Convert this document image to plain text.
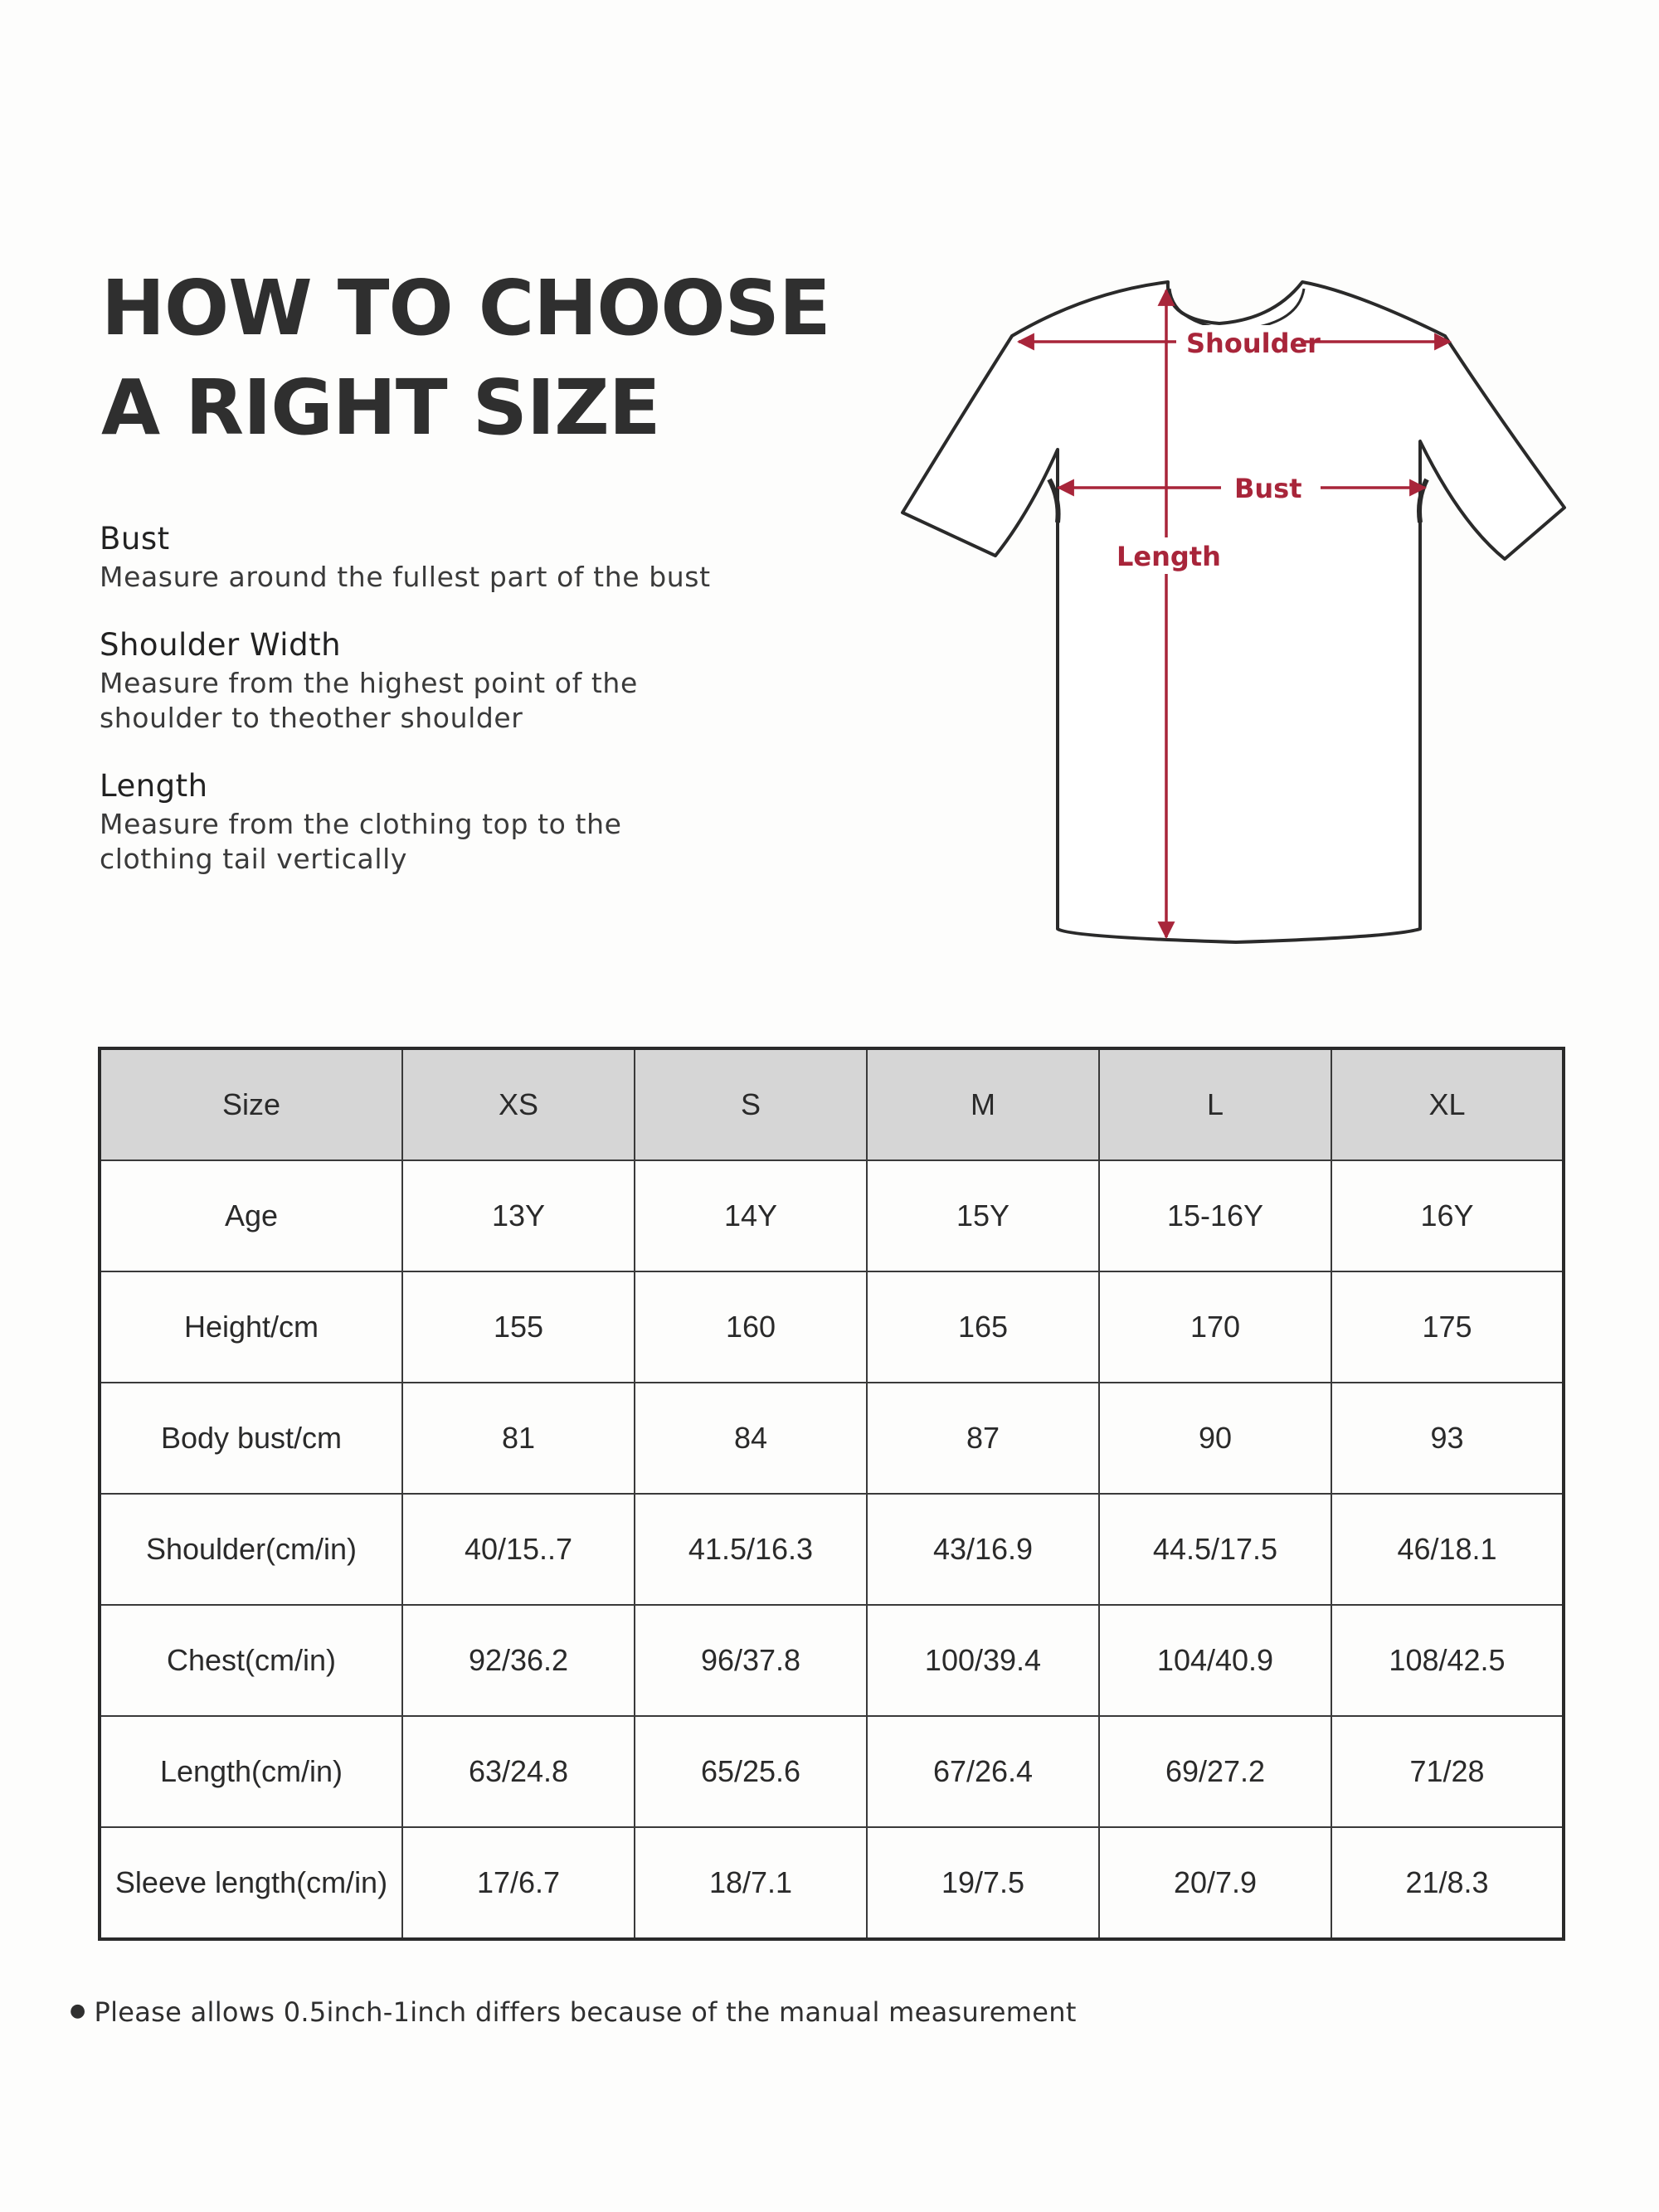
HOW TO CHOOSE
A RIGHT SIZE
Bust
Measure around the fullest part of the bust
Shoulder Width
Measure from the highest point of the
shoulder to theother shoulder
Length
Measure from the clothing top to the
clothing tail vertically
Shoulder
Bust
Length
Size	XS	S	M	L	XL
Age	13Y	14Y	15Y	15-16Y	16Y
Height/cm	155	160	165	170	175
Body bust/cm	81	84	87	90	93
Shoulder(cm/in)	40/15..7	41.5/16.3	43/16.9	44.5/17.5	46/18.1
Chest(cm/in)	92/36.2	96/37.8	100/39.4	104/40.9	108/42.5
Length(cm/in)	63/24.8	65/25.6	67/26.4	69/27.2	71/28
Sleeve length(cm/in)	17/6.7	18/7.1	19/7.5	20/7.9	21/8.3
● Please allows 0.5inch-1inch differs because of the manual measurement
